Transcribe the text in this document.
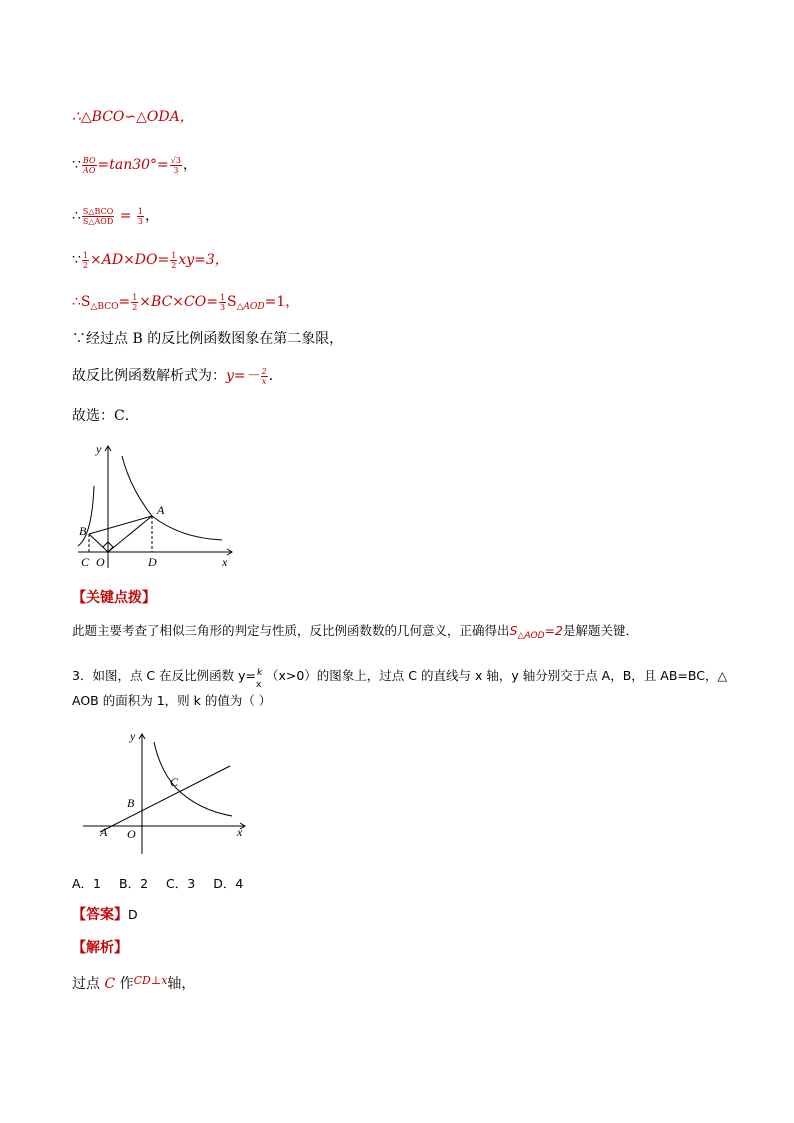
∴△BCO∽△ODA，
∵ $\frac{BO}{AO} =\tan 30^\circ= \frac{√3}{3}$ ，
∴ $\frac{\text{S△BCO}}{\text{S△AOD}} = \frac{1}{3}$ ，
∵ $\frac{1}{2} \times AD\times DO= \frac{1}{2} xy=3$，
$\therefore S_{\triangle BCO}= \frac{1}{2} \times BC\times CO= \frac{1}{3} S_{\triangle AOD}=1$，
∵经过点 B 的反比例函数图象在第二象限，
故反比例函数解析式为：$y=- \frac{2}{x}$ ．
故选：C．
y
x
A
B
C O	D
【关键点拨】
此题主要考查了相似三角形的判定与性质，反比例函数数的几何意义，正确得出$S_{\triangle AOD}=2$是解题关键．
3．如图，点 C 在反比例函数 y= k
x
（x>0）的图象上，过点 C 的直线与 x 轴，y 轴分别交于点 A，B，且 AB=BC，△
AOB 的面积为 1，则 k 的值为（ ）
y
x
A
B
C
O
A．1 B．2 C．3 D．4
【答案】D
【解析】
过点 C 作$^{CD\perp x}$轴，
